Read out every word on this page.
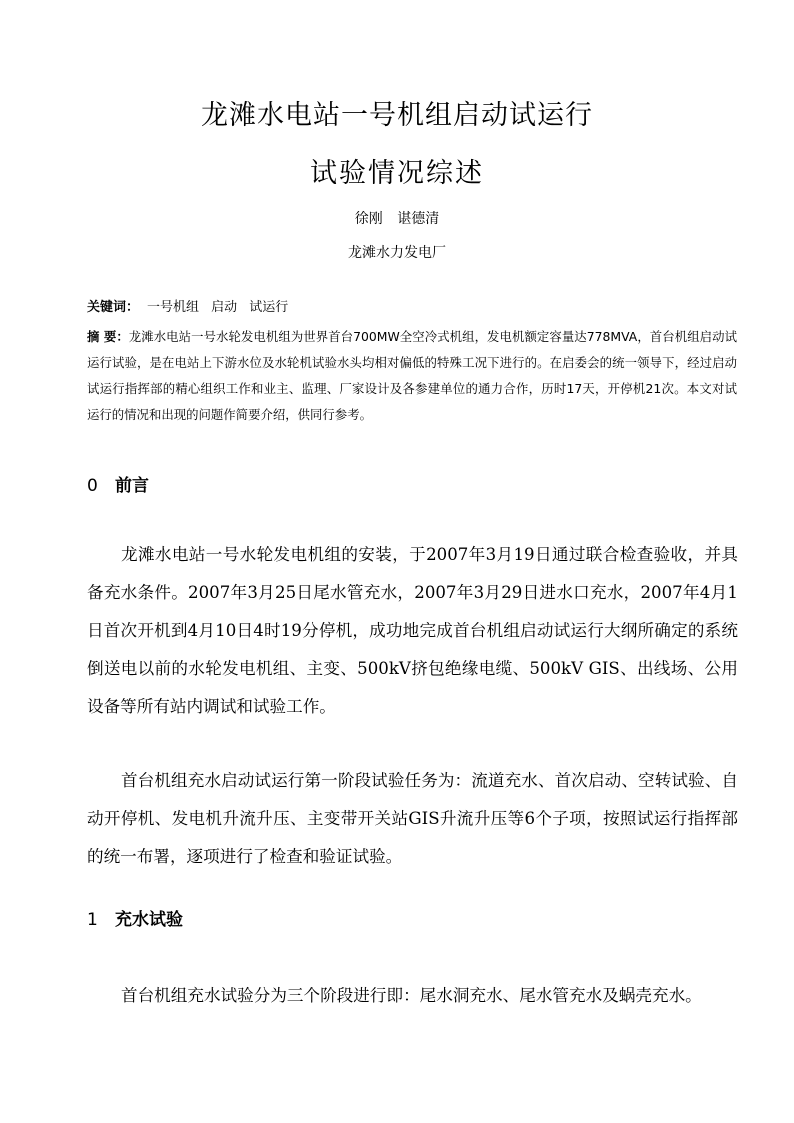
龙滩水电站一号机组启动试运行
试验情况综述
徐刚 谌德清
龙滩水力发电厂
关键词： 一号机组 启动 试运行
摘 要：龙滩水电站一号水轮发电机组为世界首台700MW全空冷式机组，发电机额定容量达778MVA，首台机组启动试运行试验，是在电站上下游水位及水轮机试验水头均相对偏低的特殊工况下进行的。在启委会的统一领导下，经过启动试运行指挥部的精心组织工作和业主、监理、厂家设计及各参建单位的通力合作，历时17天，开停机21次。本文对试运行的情况和出现的问题作简要介绍，供同行参考。
0 前言
龙滩水电站一号水轮发电机组的安装，于2007年3月19日通过联合检查验收，并具备充水条件。2007年3月25日尾水管充水，2007年3月29日进水口充水，2007年4月1日首次开机到4月10日4时19分停机，成功地完成首台机组启动试运行大纲所确定的系统倒送电以前的水轮发电机组、主变、500kV挤包绝缘电缆、500kV GIS、出线场、公用设备等所有站内调试和试验工作。
首台机组充水启动试运行第一阶段试验任务为：流道充水、首次启动、空转试验、自动开停机、发电机升流升压、主变带开关站GIS升流升压等6个子项，按照试运行指挥部的统一布署，逐项进行了检查和验证试验。
1 充水试验
首台机组充水试验分为三个阶段进行即：尾水洞充水、尾水管充水及蜗壳充水。
